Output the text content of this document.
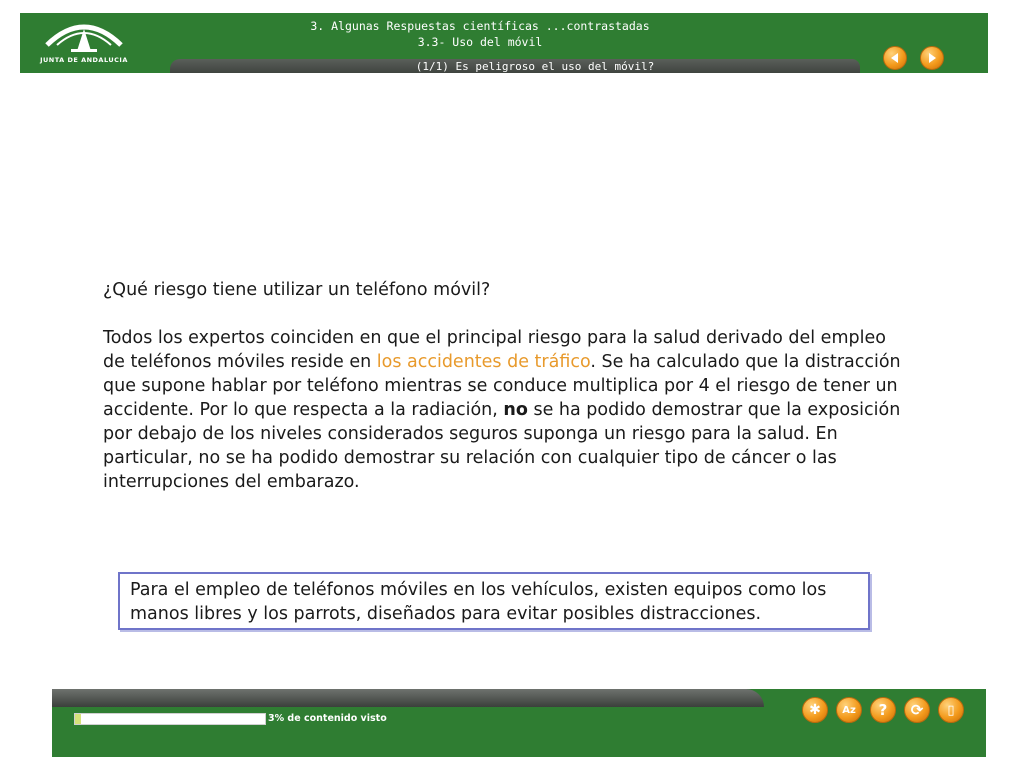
JUNTA DE ANDALUCIA
3. Algunas Respuestas científicas ...contrastadas
3.3- Uso del móvil
(1/1) Es peligroso el uso del móvil?

¿Qué riesgo tiene utilizar un teléfono móvil?

Todos los expertos coinciden en que el principal riesgo para la salud derivado del empleo de teléfonos móviles reside en los accidentes de tráfico. Se ha calculado que la distracción que supone hablar por teléfono mientras se conduce multiplica por 4 el riesgo de tener un accidente. Por lo que respecta a la radiación, no se ha podido demostrar que la exposición por debajo de los niveles considerados seguros suponga un riesgo para la salud. En particular, no se ha podido demostrar su relación con cualquier tipo de cáncer o las interrupciones del embarazo.

Para el empleo de teléfonos móviles en los vehículos, existen equipos como los manos libres y los parrots, diseñados para evitar posibles distracciones.
3% de contenido visto
✱ Az ? ⟳ ▯
